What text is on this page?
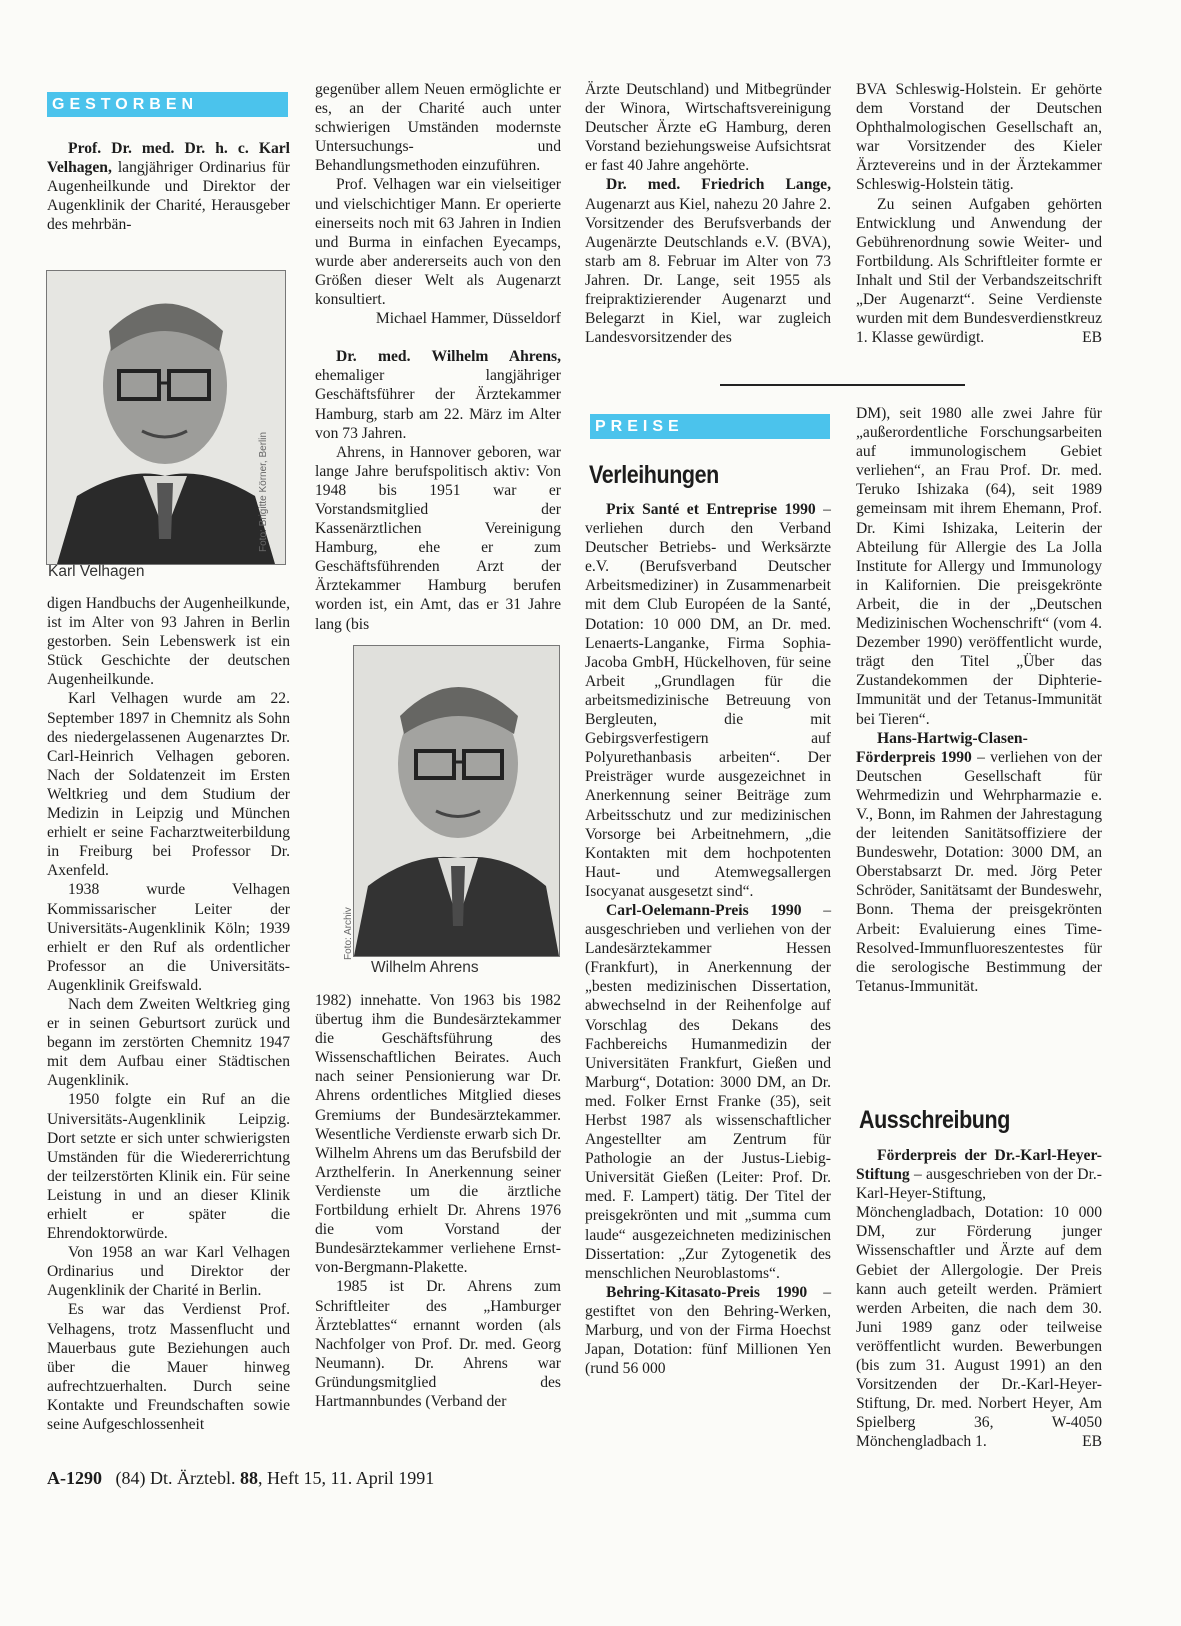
GESTORBEN

Prof. Dr. med. Dr. h. c. Karl Velhagen, langjähriger Ordinarius für Augenheilkunde und Direktor der Augenklinik der Charité, Herausgeber des mehrbän-

Foto: Brigitte Körner, Berlin
Karl Velhagen

digen Handbuchs der Augenheilkunde, ist im Alter von 93 Jahren in Berlin gestorben. Sein Lebenswerk ist ein Stück Geschichte der deutschen Augenheilkunde.

Karl Velhagen wurde am 22. September 1897 in Chemnitz als Sohn des niedergelassenen Augenarztes Dr. Carl-Heinrich Velhagen geboren. Nach der Soldatenzeit im Ersten Weltkrieg und dem Studium der Medizin in Leipzig und München erhielt er seine Facharztweiterbildung in Freiburg bei Professor Dr. Axenfeld.

1938 wurde Velhagen Kommissarischer Leiter der Universitäts-Augenklinik Köln; 1939 erhielt er den Ruf als ordentlicher Professor an die Universitäts-Augenklinik Greifswald.

Nach dem Zweiten Weltkrieg ging er in seinen Geburtsort zurück und begann im zerstörten Chemnitz 1947 mit dem Aufbau einer Städtischen Augenklinik.

1950 folgte ein Ruf an die Universitäts-Augenklinik Leipzig. Dort setzte er sich unter schwierigsten Umständen für die Wiedererrichtung der teilzerstörten Klinik ein. Für seine Leistung in und an dieser Klinik erhielt er später die Ehrendoktorwürde.

Von 1958 an war Karl Velhagen Ordinarius und Direktor der Augenklinik der Charité in Berlin.

Es war das Verdienst Prof. Velhagens, trotz Massenflucht und Mauerbaus gute Beziehungen auch über die Mauer hinweg aufrechtzuerhalten. Durch seine Kontakte und Freundschaften sowie seine Aufgeschlossenheit

gegenüber allem Neuen ermöglichte er es, an der Charité auch unter schwierigen Umständen modernste Untersuchungs- und Behandlungsmethoden einzuführen.

Prof. Velhagen war ein vielseitiger und vielschichtiger Mann. Er operierte einerseits noch mit 63 Jahren in Indien und Burma in einfachen Eyecamps, wurde aber andererseits auch von den Größen dieser Welt als Augenarzt konsultiert.

Michael Hammer, Düsseldorf

Dr. med. Wilhelm Ahrens, ehemaliger langjähriger Geschäftsführer der Ärztekammer Hamburg, starb am 22. März im Alter von 73 Jahren.

Ahrens, in Hannover geboren, war lange Jahre berufspolitisch aktiv: Von 1948 bis 1951 war er Vorstandsmitglied der Kassenärztlichen Vereinigung Hamburg, ehe er zum Geschäftsführenden Arzt der Ärztekammer Hamburg berufen worden ist, ein Amt, das er 31 Jahre lang (bis

Foto: Archiv
Wilhelm Ahrens

1982) innehatte. Von 1963 bis 1982 übertug ihm die Bundesärztekammer die Geschäftsführung des Wissenschaftlichen Beirates. Auch nach seiner Pensionierung war Dr. Ahrens ordentliches Mitglied dieses Gremiums der Bundesärztekammer. Wesentliche Verdienste erwarb sich Dr. Wilhelm Ahrens um das Berufsbild der Arzthelferin. In Anerkennung seiner Verdienste um die ärztliche Fortbildung erhielt Dr. Ahrens 1976 die vom Vorstand der Bundesärztekammer verliehene Ernst-von-Bergmann-Plakette.

1985 ist Dr. Ahrens zum Schriftleiter des „Hamburger Ärzteblattes“ ernannt worden (als Nachfolger von Prof. Dr. med. Georg Neumann). Dr. Ahrens war Gründungsmitglied des Hartmannbundes (Verband der

Ärzte Deutschland) und Mitbegründer der Winora, Wirtschaftsvereinigung Deutscher Ärzte eG Hamburg, deren Vorstand beziehungsweise Aufsichtsrat er fast 40 Jahre angehörte.

Dr. med. Friedrich Lange, Augenarzt aus Kiel, nahezu 20 Jahre 2. Vorsitzender des Berufsverbands der Augenärzte Deutschlands e.V. (BVA), starb am 8. Februar im Alter von 73 Jahren. Dr. Lange, seit 1955 als freipraktizierender Augenarzt und Belegarzt in Kiel, war zugleich Landesvorsitzender des

PREISE
Verleihungen

Prix Santé et Entreprise 1990 – verliehen durch den Verband Deutscher Betriebs- und Werksärzte e.V. (Berufsverband Deutscher Arbeitsmediziner) in Zusammenarbeit mit dem Club Européen de la Santé, Dotation: 10 000 DM, an Dr. med. Lenaerts-Langanke, Firma Sophia-Jacoba GmbH, Hückelhoven, für seine Arbeit „Grundlagen für die arbeitsmedizinische Betreuung von Bergleuten, die mit Gebirgsverfestigern auf Polyurethanbasis arbeiten“. Der Preisträger wurde ausgezeichnet in Anerkennung seiner Beiträge zum Arbeitsschutz und zur medizinischen Vorsorge bei Arbeitnehmern, „die Kontakten mit dem hochpotenten Haut- und Atemwegsallergen Isocyanat ausgesetzt sind“.

Carl-Oelemann-Preis 1990 – ausgeschrieben und verliehen von der Landesärztekammer Hessen (Frankfurt), in Anerkennung der „besten medizinischen Dissertation, abwechselnd in der Reihenfolge auf Vorschlag des Dekans des Fachbereichs Humanmedizin der Universitäten Frankfurt, Gießen und Marburg“, Dotation: 3000 DM, an Dr. med. Folker Ernst Franke (35), seit Herbst 1987 als wissenschaftlicher Angestellter am Zentrum für Pathologie an der Justus-Liebig-Universität Gießen (Leiter: Prof. Dr. med. F. Lampert) tätig. Der Titel der preisgekrönten und mit „summa cum laude“ ausgezeichneten medizinischen Dissertation: „Zur Zytogenetik des menschlichen Neuroblastoms“.

Behring-Kitasato-Preis 1990 – gestiftet von den Behring-Werken, Marburg, und von der Firma Hoechst Japan, Dotation: fünf Millionen Yen (rund 56 000

BVA Schleswig-Holstein. Er gehörte dem Vorstand der Deutschen Ophthalmologischen Gesellschaft an, war Vorsitzender des Kieler Ärztevereins und in der Ärztekammer Schleswig-Holstein tätig.

Zu seinen Aufgaben gehörten Entwicklung und Anwendung der Gebührenordnung sowie Weiter- und Fortbildung. Als Schriftleiter formte er Inhalt und Stil der Verbandszeitschrift „Der Augenarzt“. Seine Verdienste wurden mit dem Bundesverdienstkreuz 1. Klasse gewürdigt.	EB

DM), seit 1980 alle zwei Jahre für „außerordentliche Forschungsarbeiten auf immunologischem Gebiet verliehen“, an Frau Prof. Dr. med. Teruko Ishizaka (64), seit 1989 gemeinsam mit ihrem Ehemann, Prof. Dr. Kimi Ishizaka, Leiterin der Abteilung für Allergie des La Jolla Institute for Allergy und Immunology in Kalifornien. Die preisgekrönte Arbeit, die in der „Deutschen Medizinischen Wochenschrift“ (vom 4. Dezember 1990) veröffentlicht wurde, trägt den Titel „Über das Zustandekommen der Diphterie-Immunität und der Tetanus-Immunität bei Tieren“.

Hans-Hartwig-Clasen-Förderpreis 1990 – verliehen von der Deutschen Gesellschaft für Wehrmedizin und Wehrpharmazie e. V., Bonn, im Rahmen der Jahrestagung der leitenden Sanitätsoffiziere der Bundeswehr, Dotation: 3000 DM, an Oberstabsarzt Dr. med. Jörg Peter Schröder, Sanitätsamt der Bundeswehr, Bonn. Thema der preisgekrönten Arbeit: Evaluierung eines Time-Resolved-Immunfluoreszentestes für die serologische Bestimmung der Tetanus-Immunität.

Ausschreibung

Förderpreis der Dr.-Karl-Heyer-Stiftung – ausgeschrieben von der Dr.-Karl-Heyer-Stiftung, Mönchengladbach, Dotation: 10 000 DM, zur Förderung junger Wissenschaftler und Ärzte auf dem Gebiet der Allergologie. Der Preis kann auch geteilt werden. Prämiert werden Arbeiten, die nach dem 30. Juni 1989 ganz oder teilweise veröffentlicht wurden. Bewerbungen (bis zum 31. August 1991) an den Vorsitzenden der Dr.-Karl-Heyer-Stiftung, Dr. med. Norbert Heyer, Am Spielberg 36, W-4050 Mönchengladbach 1.	EB

A-1290 (84) Dt. Ärztebl. 88, Heft 15, 11. April 1991
